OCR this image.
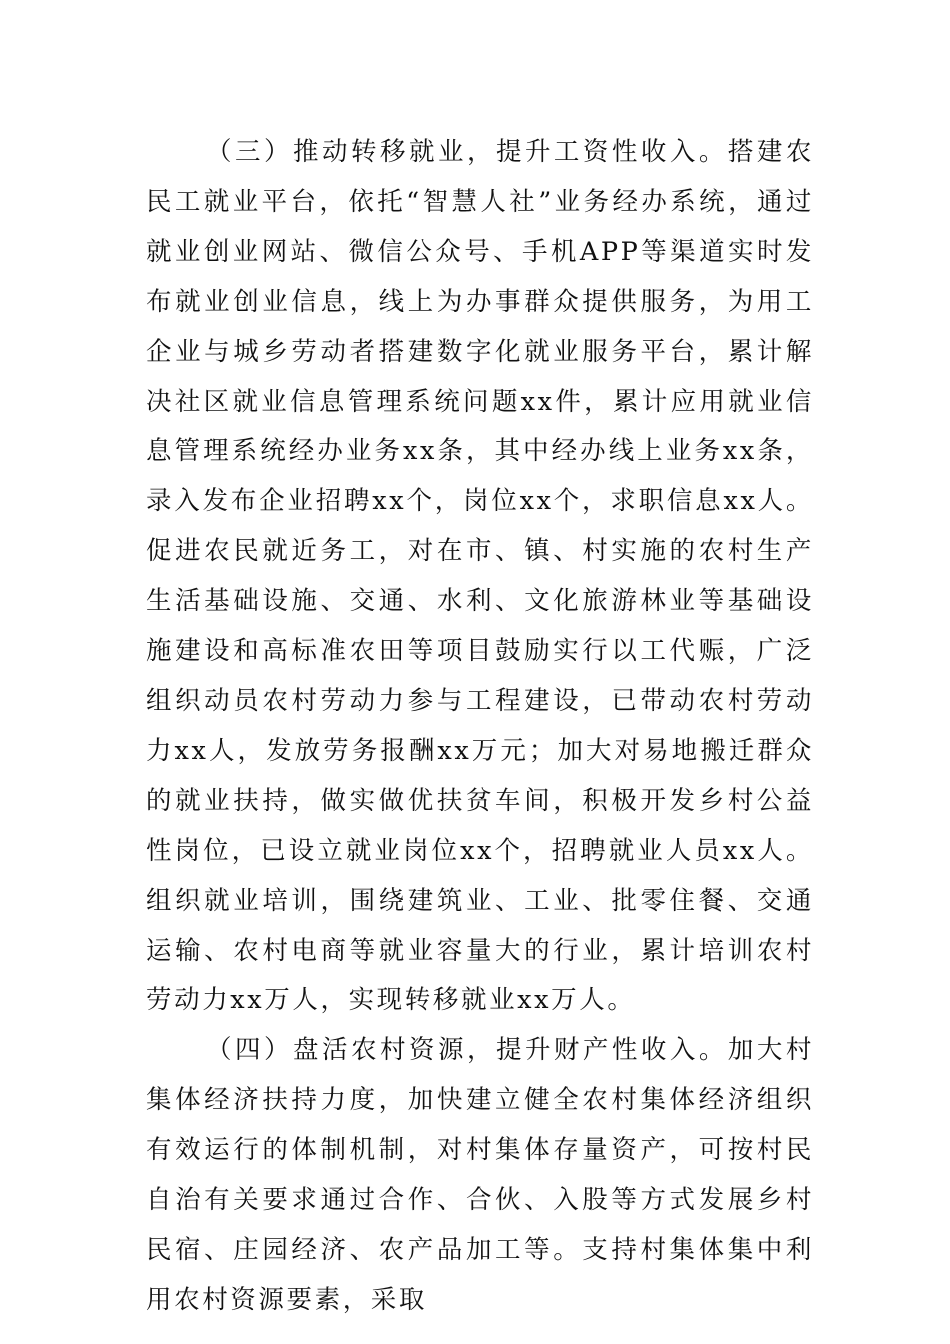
（三）推动转移就业，提升工资性收入。搭建农民工就业平台，依托“智慧人社”业务经办系统，通过就业创业网站、微信公众号、手机APP等渠道实时发布就业创业信息，线上为办事群众提供服务，为用工企业与城乡劳动者搭建数字化就业服务平台，累计解决社区就业信息管理系统问题xx件，累计应用就业信息管理系统经办业务xx条，其中经办线上业务xx条，录入发布企业招聘xx个，岗位xx个，求职信息xx人。促进农民就近务工，对在市、镇、村实施的农村生产生活基础设施、交通、水利、文化旅游林业等基础设施建设和高标准农田等项目鼓励实行以工代赈，广泛组织动员农村劳动力参与工程建设，已带动农村劳动力xx人，发放劳务报酬xx万元；加大对易地搬迁群众的就业扶持，做实做优扶贫车间，积极开发乡村公益性岗位，已设立就业岗位xx个，招聘就业人员xx人。组织就业培训，围绕建筑业、工业、批零住餐、交通运输、农村电商等就业容量大的行业，累计培训农村劳动力xx万人，实现转移就业xx万人。

（四）盘活农村资源，提升财产性收入。加大村集体经济扶持力度，加快建立健全农村集体经济组织有效运行的体制机制，对村集体存量资产，可按村民自治有关要求通过合作、合伙、入股等方式发展乡村民宿、庄园经济、农产品加工等。支持村集体集中利用农村资源要素，采取
